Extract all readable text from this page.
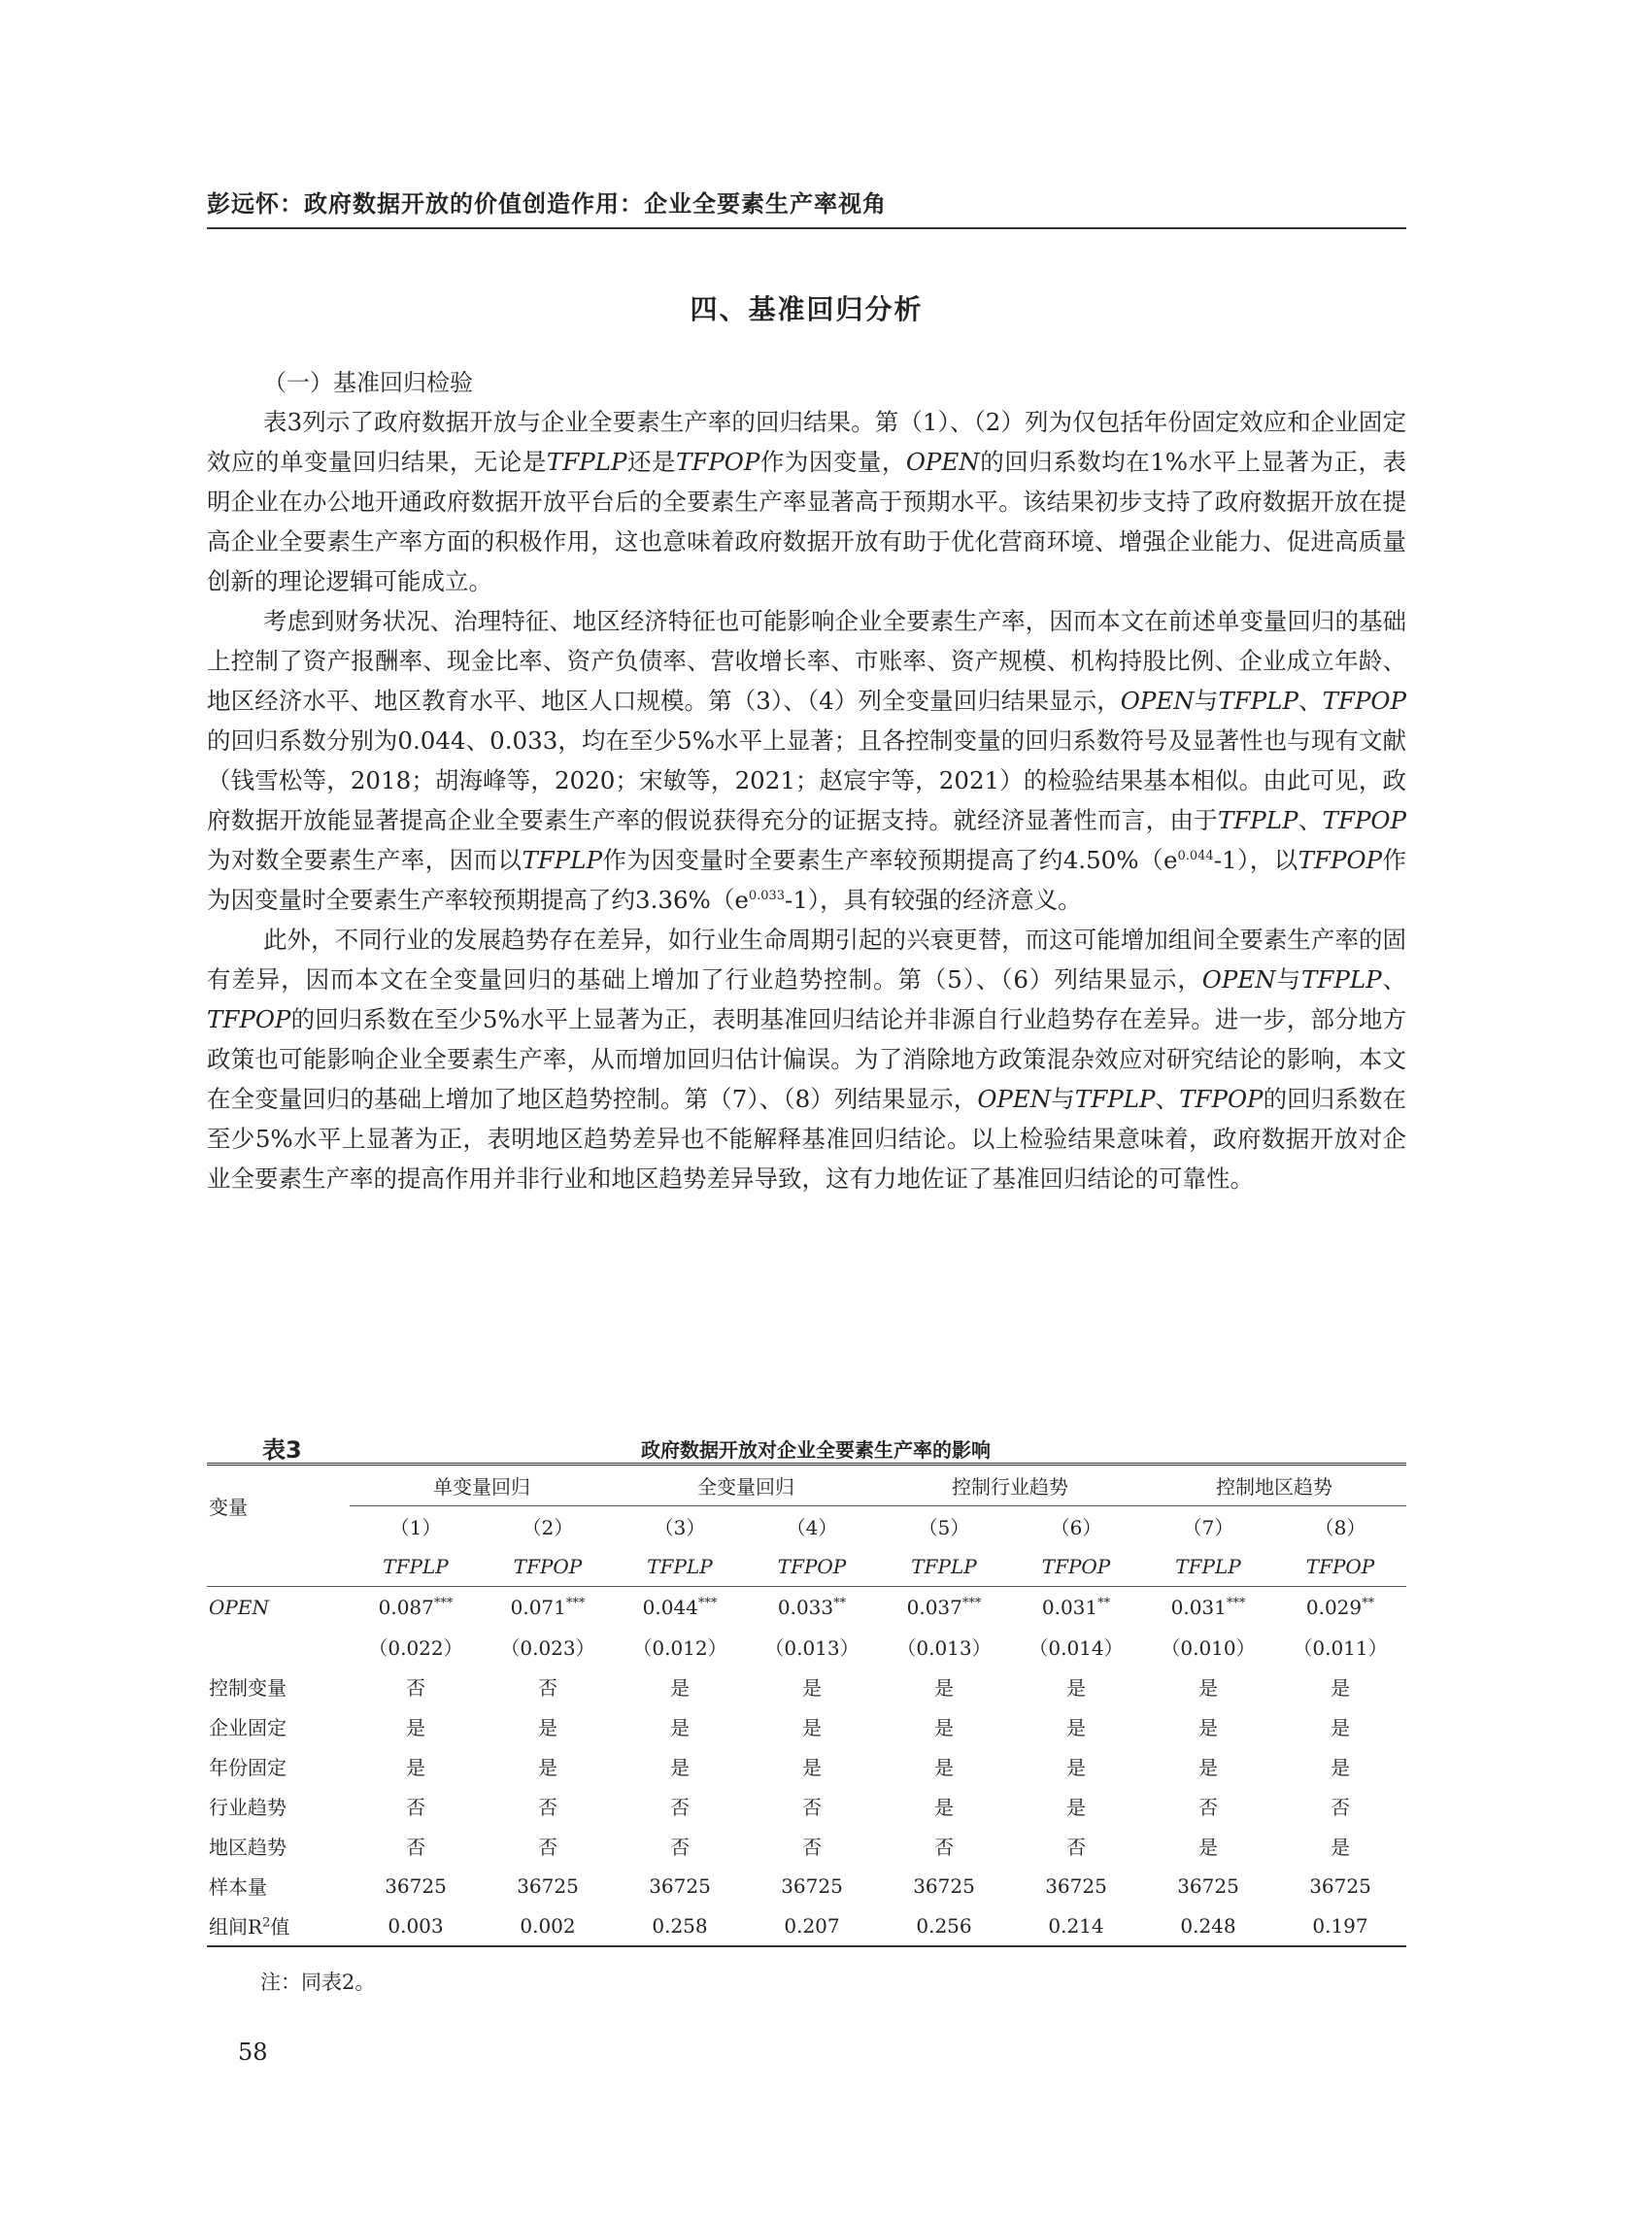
彭远怀：政府数据开放的价值创造作用：企业全要素生产率视角
四、基准回归分析
（一）基准回归检验

表3列示了政府数据开放与企业全要素生产率的回归结果。第（1）、（2）列为仅包括年份固定效应和企业固定效应的单变量回归结果，无论是TFPLP还是TFPOP作为因变量，OPEN的回归系数均在1%水平上显著为正，表明企业在办公地开通政府数据开放平台后的全要素生产率显著高于预期水平。该结果初步支持了政府数据开放在提高企业全要素生产率方面的积极作用，这也意味着政府数据开放有助于优化营商环境、增强企业能力、促进高质量创新的理论逻辑可能成立。

考虑到财务状况、治理特征、地区经济特征也可能影响企业全要素生产率，因而本文在前述单变量回归的基础上控制了资产报酬率、现金比率、资产负债率、营收增长率、市账率、资产规模、机构持股比例、企业成立年龄、地区经济水平、地区教育水平、地区人口规模。第（3）、（4）列全变量回归结果显示，OPEN与TFPLP、TFPOP的回归系数分别为0.044、0.033，均在至少5%水平上显著；且各控制变量的回归系数符号及显著性也与现有文献（钱雪松等，2018；胡海峰等，2020；宋敏等，2021；赵宸宇等，2021）的检验结果基本相似。由此可见，政府数据开放能显著提高企业全要素生产率的假说获得充分的证据支持。就经济显著性而言，由于TFPLP、TFPOP为对数全要素生产率，因而以TFPLP作为因变量时全要素生产率较预期提高了约$4.50\%(e^{0.044}-1)$，以TFPOP作为因变量时全要素生产率较预期提高了约$3.36\%(e^{0.033}-1)$，具有较强的经济意义。

此外，不同行业的发展趋势存在差异，如行业生命周期引起的兴衰更替，而这可能增加组间全要素生产率的固有差异，因而本文在全变量回归的基础上增加了行业趋势控制。第（5）、（6）列结果显示，OPEN与TFPLP、TFPOP的回归系数在至少5%水平上显著为正，表明基准回归结论并非源自行业趋势存在差异。进一步，部分地方政策也可能影响企业全要素生产率，从而增加回归估计偏误。为了消除地方政策混杂效应对研究结论的影响，本文在全变量回归的基础上增加了地区趋势控制。第（7）、（8）列结果显示，OPEN与TFPLP、TFPOP的回归系数在至少5%水平上显著为正，表明地区趋势差异也不能解释基准回归结论。以上检验结果意味着，政府数据开放对企业全要素生产率的提高作用并非行业和地区趋势差异导致，这有力地佐证了基准回归结论的可靠性。

表3	政府数据开放对企业全要素生产率的影响
变量	单变量回归		全变量回归		控制行业趋势		控制地区趋势	
	（1）	（2）	（3）	（4）	（5）	（6）	（7）	（8）
	TFPLP	TFPOP	TFPLP	TFPOP	TFPLP	TFPOP	TFPLP	TFPOP
OPEN	0.087***	0.071***	0.044***	0.033**	0.037***	0.031**	0.031***	0.029**
	（0.022）	（0.023）	（0.012）	（0.013）	（0.013）	（0.014）	（0.010）	（0.011）
控制变量	否	否	是	是	是	是	是	是
企业固定	是	是	是	是	是	是	是	是
年份固定	是	是	是	是	是	是	是	是
行业趋势	否	否	否	否	是	是	否	否
地区趋势	否	否	否	否	否	否	是	是
样本量	36725	36725	36725	36725	36725	36725	36725	36725
组间$R^2$值	0.003	0.002	0.258	0.207	0.256	0.214	0.248	0.197
注：同表2。
58
